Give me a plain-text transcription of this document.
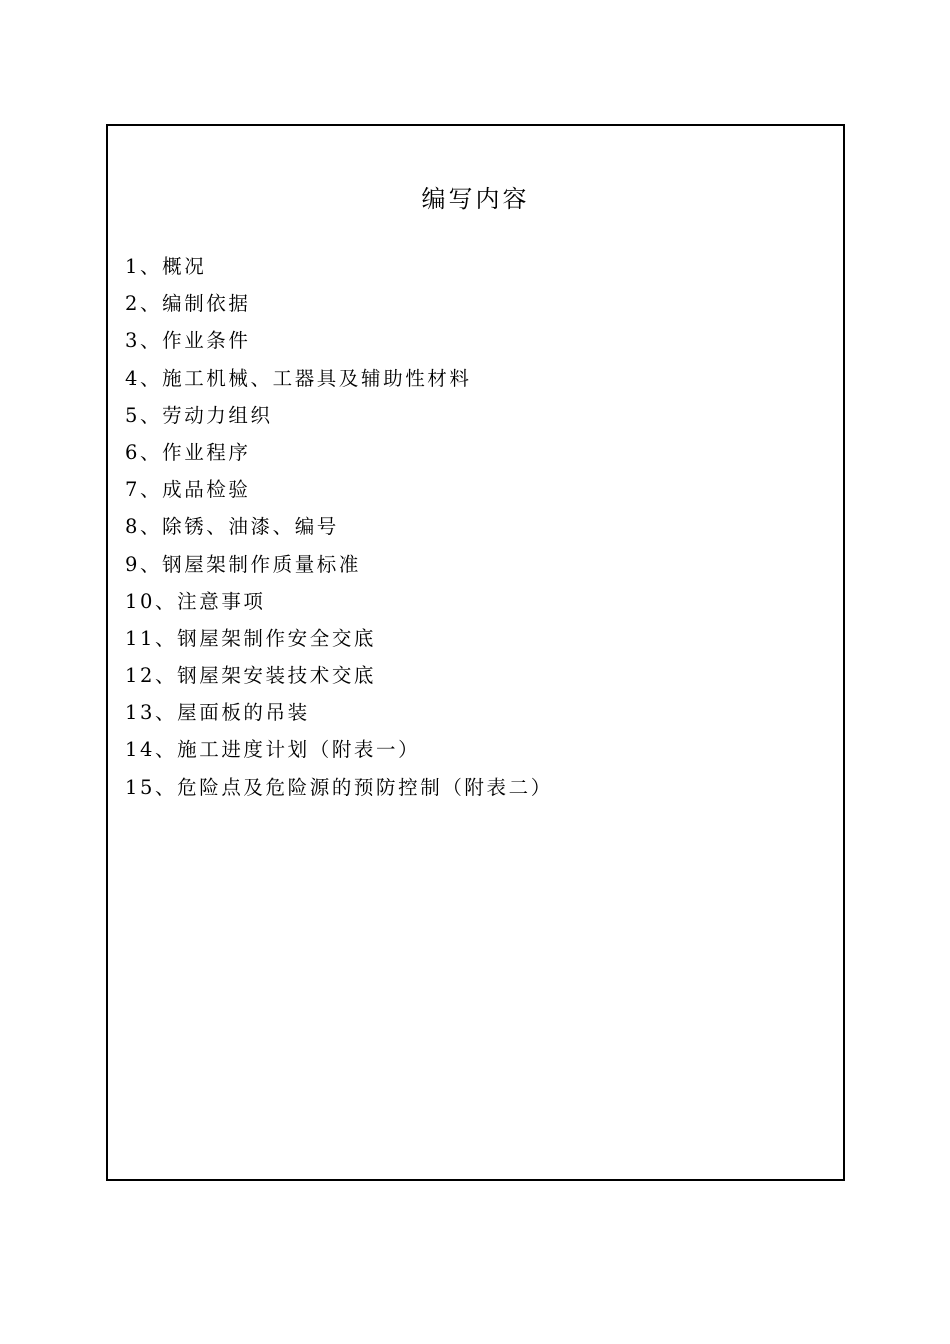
编写内容
1、概况
2、编制依据
3、作业条件
4、施工机械、工器具及辅助性材料
5、劳动力组织
6、作业程序
7、成品检验
8、除锈、油漆、编号
9、钢屋架制作质量标准
10、注意事项
11、钢屋架制作安全交底
12、钢屋架安装技术交底
13、屋面板的吊装
14、施工进度计划（附表一）
15、危险点及危险源的预防控制（附表二）
